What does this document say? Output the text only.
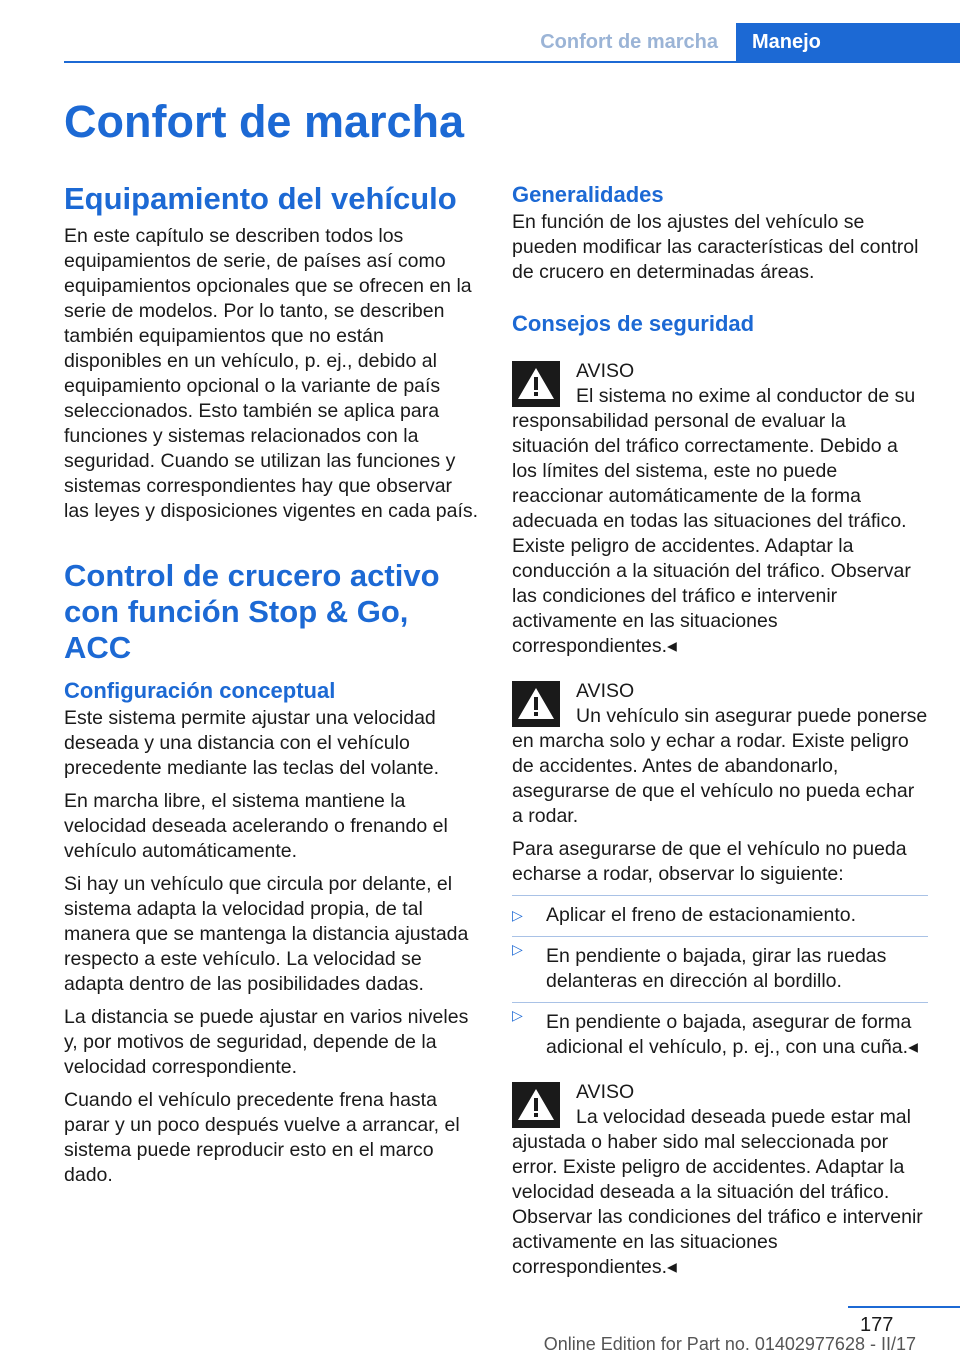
Confort de marcha	Manejo
Confort de marcha
Equipamiento del vehículo

En este capítulo se describen todos los equipamientos de serie, de países así como equipamientos opcionales que se ofrecen en la serie de modelos. Por lo tanto, se describen también equipamientos que no están disponibles en un vehículo, p. ej., debido al equipamiento opcional o la variante de país seleccionados. Esto también se aplica para funciones y sistemas relacionados con la seguridad. Cuando se utilizan las funciones y sistemas correspondientes hay que observar las leyes y disposiciones vigentes en cada país.

Control de crucero activo con función Stop & Go, ACC
Configuración conceptual

Este sistema permite ajustar una velocidad deseada y una distancia con el vehículo precedente mediante las teclas del volante.

En marcha libre, el sistema mantiene la velocidad deseada acelerando o frenando el vehículo automáticamente.

Si hay un vehículo que circula por delante, el sistema adapta la velocidad propia, de tal manera que se mantenga la distancia ajustada respecto a este vehículo. La velocidad se adapta dentro de las posibilidades dadas.

La distancia se puede ajustar en varios niveles y, por motivos de seguridad, depende de la velocidad correspondiente.

Cuando el vehículo precedente frena hasta parar y un poco después vuelve a arrancar, el sistema puede reproducir esto en el marco dado.

Generalidades

En función de los ajustes del vehículo se pueden modificar las características del control de crucero en determinadas áreas.

Consejos de seguridad
AVISO

El sistema no exime al conductor de su responsabilidad personal de evaluar la situación del tráfico correctamente. Debido a los límites del sistema, este no puede reaccionar automáticamente de la forma adecuada en todas las situaciones del tráfico. Existe peligro de accidentes. Adaptar la conducción a la situación del tráfico. Observar las condiciones del tráfico e intervenir activamente en las situaciones correspondientes.◂

AVISO

Un vehículo sin asegurar puede ponerse en marcha solo y echar a rodar. Existe peligro de accidentes. Antes de abandonarlo, asegurarse de que el vehículo no pueda echar a rodar.

Para asegurarse de que el vehículo no pueda echarse a rodar, observar lo siguiente:

▷ Aplicar el freno de estacionamiento.
▷ En pendiente o bajada, girar las ruedas delanteras en dirección al bordillo.
▷ En pendiente o bajada, asegurar de forma adicional el vehículo, p. ej., con una cuña.◂
AVISO

La velocidad deseada puede estar mal ajustada o haber sido mal seleccionada por error. Existe peligro de accidentes. Adaptar la velocidad deseada a la situación del tráfico. Observar las condiciones del tráfico e intervenir activamente en las situaciones correspondientes.◂

177
Online Edition for Part no. 01402977628 - II/17
